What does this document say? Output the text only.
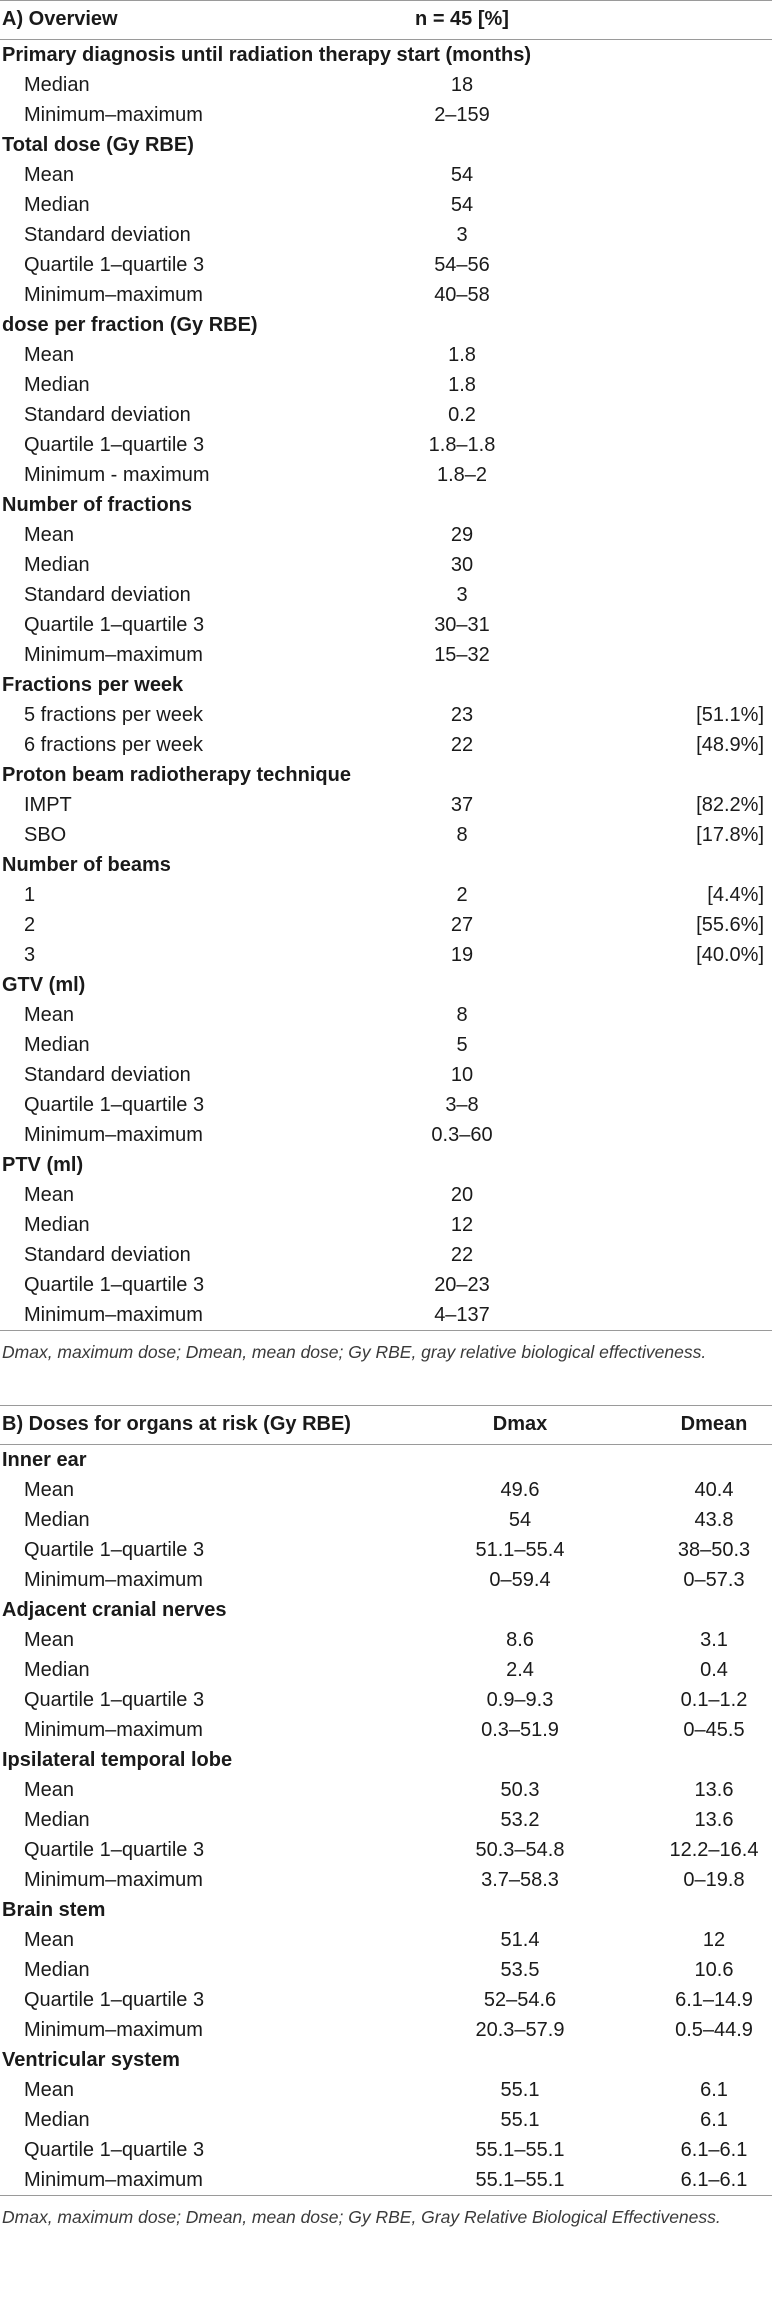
A) Overview	n = 45 [%]
Primary diagnosis until radiation therapy start (months)
Median	18
Minimum–maximum	2–159
Total dose (Gy RBE)
Mean	54
Median	54
Standard deviation	3
Quartile 1–quartile 3	54–56
Minimum–maximum	40–58
dose per fraction (Gy RBE)
Mean	1.8
Median	1.8
Standard deviation	0.2
Quartile 1–quartile 3	1.8–1.8
Minimum - maximum	1.8–2
Number of fractions
Mean	29
Median	30
Standard deviation	3
Quartile 1–quartile 3	30–31
Minimum–maximum	15–32
Fractions per week
5 fractions per week	23	[51.1%]
6 fractions per week	22	[48.9%]
Proton beam radiotherapy technique
IMPT	37	[82.2%]
SBO	8	[17.8%]
Number of beams
1	2	[4.4%]
2	27	[55.6%]
3	19	[40.0%]
GTV (ml)
Mean	8
Median	5
Standard deviation	10
Quartile 1–quartile 3	3–8
Minimum–maximum	0.3–60
PTV (ml)
Mean	20
Median	12
Standard deviation	22
Quartile 1–quartile 3	20–23
Minimum–maximum	4–137
Dmax, maximum dose; Dmean, mean dose; Gy RBE, gray relative biological effectiveness.
B) Doses for organs at risk (Gy RBE)	Dmax	Dmean
Inner ear
Mean	49.6	40.4
Median	54	43.8
Quartile 1–quartile 3	51.1–55.4	38–50.3
Minimum–maximum	0–59.4	0–57.3
Adjacent cranial nerves
Mean	8.6	3.1
Median	2.4	0.4
Quartile 1–quartile 3	0.9–9.3	0.1–1.2
Minimum–maximum	0.3–51.9	0–45.5
Ipsilateral temporal lobe
Mean	50.3	13.6
Median	53.2	13.6
Quartile 1–quartile 3	50.3–54.8	12.2–16.4
Minimum–maximum	3.7–58.3	0–19.8
Brain stem
Mean	51.4	12
Median	53.5	10.6
Quartile 1–quartile 3	52–54.6	6.1–14.9
Minimum–maximum	20.3–57.9	0.5–44.9
Ventricular system
Mean	55.1	6.1
Median	55.1	6.1
Quartile 1–quartile 3	55.1–55.1	6.1–6.1
Minimum–maximum	55.1–55.1	6.1–6.1
Dmax, maximum dose; Dmean, mean dose; Gy RBE, Gray Relative Biological Effectiveness.
